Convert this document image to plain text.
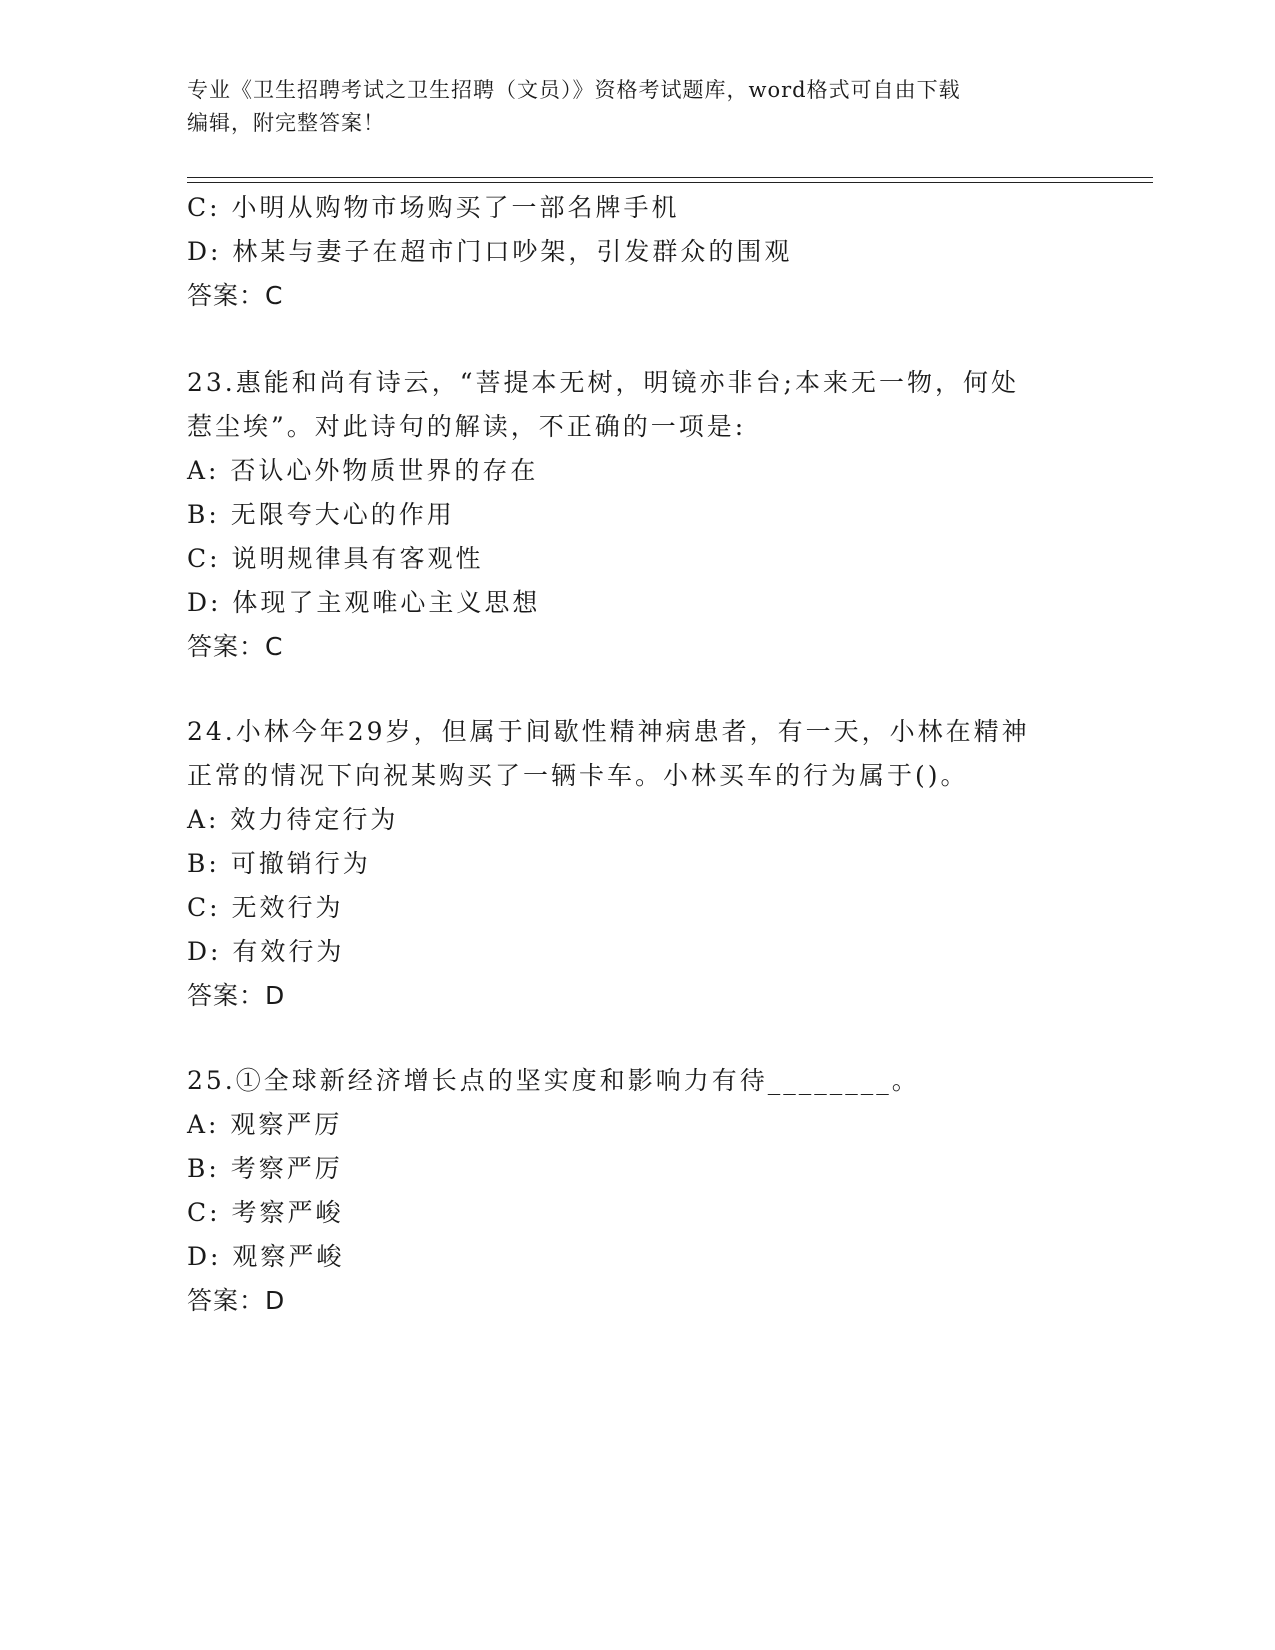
专业《卫生招聘考试之卫生招聘（文员）》资格考试题库，word格式可自由下载
编辑，附完整答案！
C: 小明从购物市场购买了一部名牌手机
D: 林某与妻子在超市门口吵架，引发群众的围观
答案：C
23.惠能和尚有诗云，“菩提本无树，明镜亦非台;本来无一物，何处
惹尘埃”。对此诗句的解读，不正确的一项是:
A: 否认心外物质世界的存在
B: 无限夸大心的作用
C: 说明规律具有客观性
D: 体现了主观唯心主义思想
答案：C
24.小林今年29岁，但属于间歇性精神病患者，有一天，小林在精神
正常的情况下向祝某购买了一辆卡车。小林买车的行为属于()。
A: 效力待定行为
B: 可撤销行为
C: 无效行为
D: 有效行为
答案：D
25.①全球新经济增长点的坚实度和影响力有待________。
A: 观察严厉
B: 考察严厉
C: 考察严峻
D: 观察严峻
答案：D
